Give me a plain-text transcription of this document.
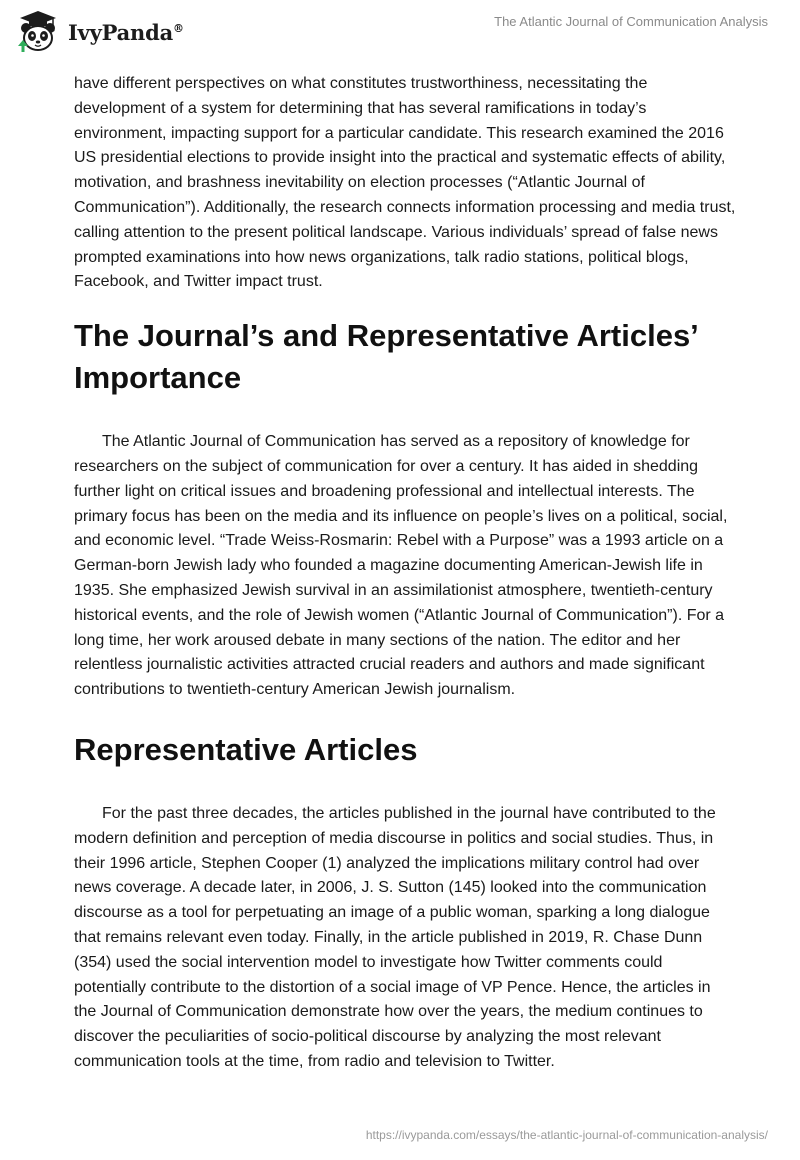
IvyPanda®	The Atlantic Journal of Communication Analysis

have different perspectives on what constitutes trustworthiness, necessitating the development of a system for determining that has several ramifications in today’s environment, impacting support for a particular candidate. This research examined the 2016 US presidential elections to provide insight into the practical and systematic effects of ability, motivation, and brashness inevitability on election processes (“Atlantic Journal of Communication”). Additionally, the research connects information processing and media trust, calling attention to the present political landscape. Various individuals’ spread of false news prompted examinations into how news organizations, talk radio stations, political blogs, Facebook, and Twitter impact trust.

The Journal’s and Representative Articles’ Importance

The Atlantic Journal of Communication has served as a repository of knowledge for researchers on the subject of communication for over a century. It has aided in shedding further light on critical issues and broadening professional and intellectual interests. The primary focus has been on the media and its influence on people’s lives on a political, social, and economic level. “Trade Weiss-Rosmarin: Rebel with a Purpose” was a 1993 article on a German-born Jewish lady who founded a magazine documenting American-Jewish life in 1935. She emphasized Jewish survival in an assimilationist atmosphere, twentieth-century historical events, and the role of Jewish women (“Atlantic Journal of Communication”). For a long time, her work aroused debate in many sections of the nation. The editor and her relentless journalistic activities attracted crucial readers and authors and made significant contributions to twentieth-century American Jewish journalism.

Representative Articles

For the past three decades, the articles published in the journal have contributed to the modern definition and perception of media discourse in politics and social studies. Thus, in their 1996 article, Stephen Cooper (1) analyzed the implications military control had over news coverage. A decade later, in 2006, J. S. Sutton (145) looked into the communication discourse as a tool for perpetuating an image of a public woman, sparking a long dialogue that remains relevant even today. Finally, in the article published in 2019, R. Chase Dunn (354) used the social intervention model to investigate how Twitter comments could potentially contribute to the distortion of a social image of VP Pence. Hence, the articles in the Journal of Communication demonstrate how over the years, the medium continues to discover the peculiarities of socio-political discourse by analyzing the most relevant communication tools at the time, from radio and television to Twitter.

https://ivypanda.com/essays/the-atlantic-journal-of-communication-analysis/
